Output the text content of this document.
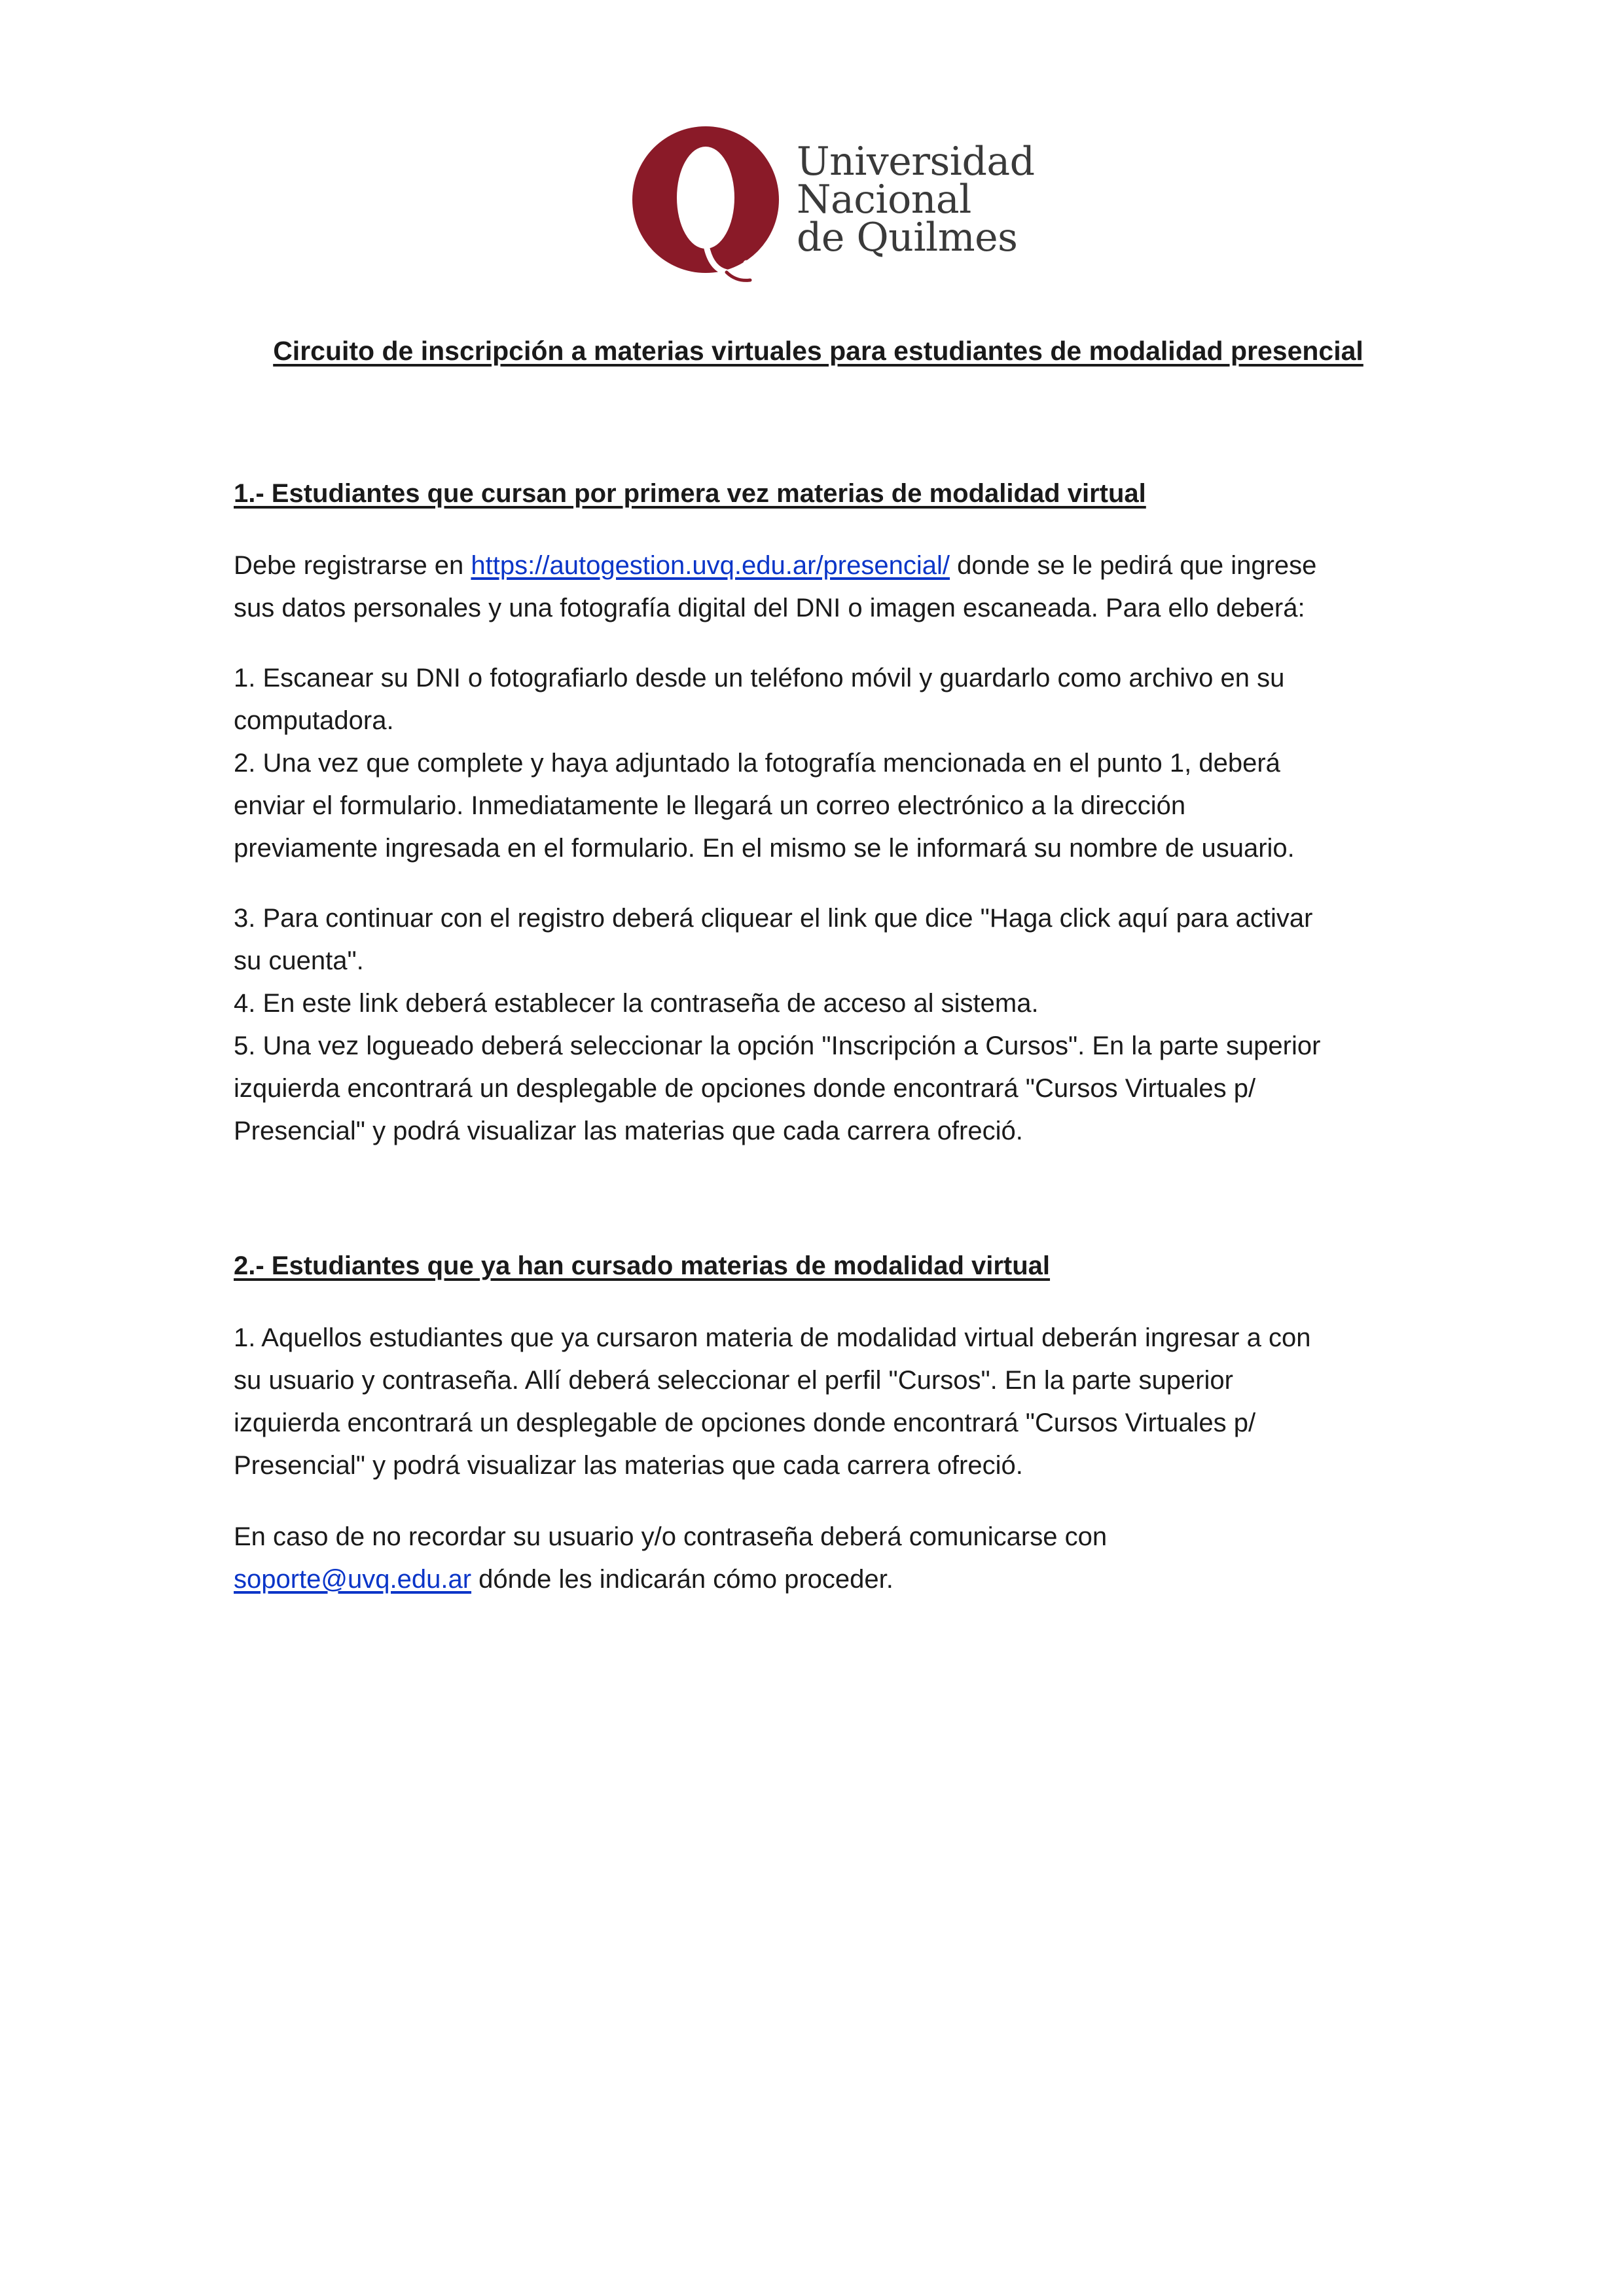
Universidad
Nacional
de Quilmes
Circuito de inscripción a materias virtuales para estudiantes de modalidad presencial
1.- Estudiantes que cursan por primera vez materias de modalidad virtual

Debe registrarse en https://autogestion.uvq.edu.ar/presencial/ donde se le pedirá que ingrese

sus datos personales y una fotografía digital del DNI o imagen escaneada. Para ello deberá:

1. Escanear su DNI o fotografiarlo desde un teléfono móvil y guardarlo como archivo en su

computadora.

2. Una vez que complete y haya adjuntado la fotografía mencionada en el punto 1, deberá

enviar el formulario. Inmediatamente le llegará un correo electrónico a la dirección

previamente ingresada en el formulario. En el mismo se le informará su nombre de usuario.

3. Para continuar con el registro deberá cliquear el link que dice "Haga click aquí para activar

su cuenta".

4. En este link deberá establecer la contraseña de acceso al sistema.

5. Una vez logueado deberá seleccionar la opción "Inscripción a Cursos". En la parte superior

izquierda encontrará un desplegable de opciones donde encontrará "Cursos Virtuales p/

Presencial" y podrá visualizar las materias que cada carrera ofreció.

2.- Estudiantes que ya han cursado materias de modalidad virtual

1. Aquellos estudiantes que ya cursaron materia de modalidad virtual deberán ingresar a con

su usuario y contraseña. Allí deberá seleccionar el perfil "Cursos". En la parte superior

izquierda encontrará un desplegable de opciones donde encontrará "Cursos Virtuales p/

Presencial" y podrá visualizar las materias que cada carrera ofreció.

En caso de no recordar su usuario y/o contraseña deberá comunicarse con

soporte@uvq.edu.ar dónde les indicarán cómo proceder.
